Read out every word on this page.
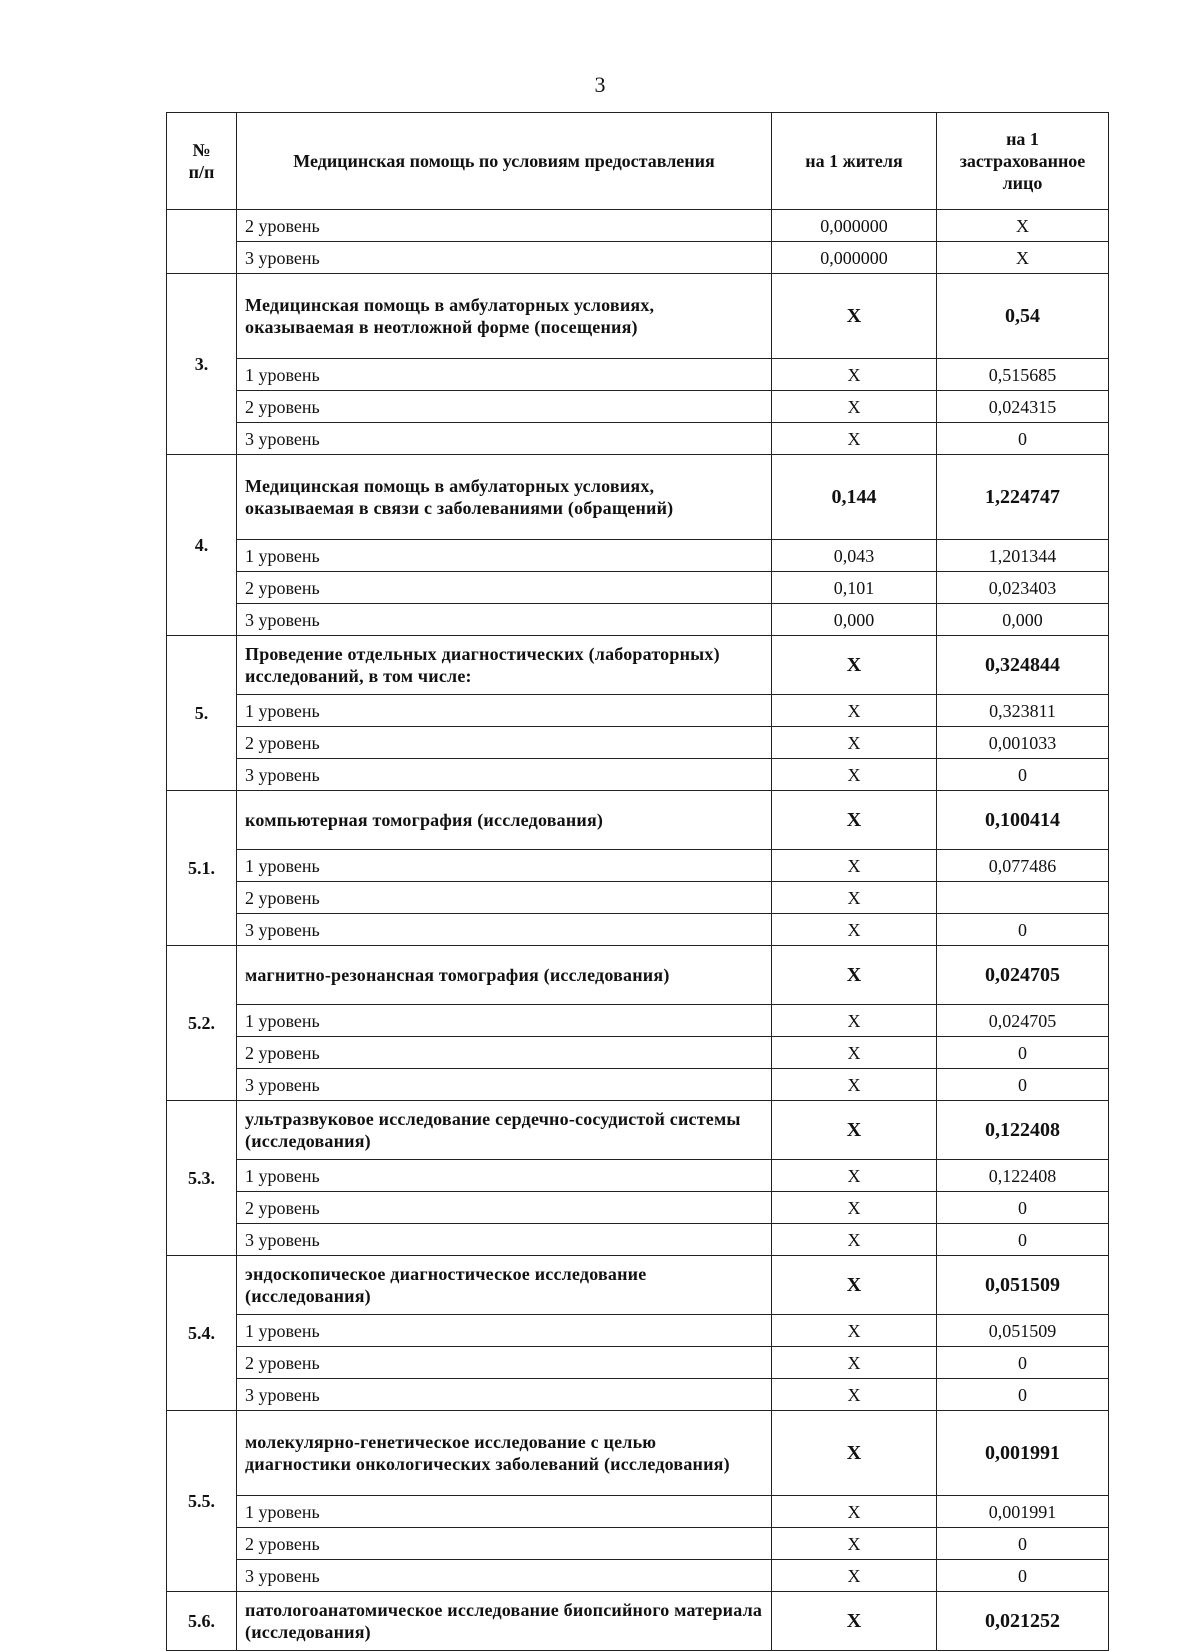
3
№
п/п	Медицинская помощь по условиям предоставления	на 1 жителя	на 1 застрахованное лицо
	2 уровень	0,000000	Х
	3 уровень	0,000000	Х
3.	Медицинская помощь в амбулаторных условиях, оказываемая в неотложной форме (посещения)	Х	0,54
	1 уровень	Х	0,515685
	2 уровень	Х	0,024315
	3 уровень	Х	0
4.	Медицинская помощь в амбулаторных условиях, оказываемая в связи с заболеваниями (обращений)	0,144	1,224747
	1 уровень	0,043	1,201344
	2 уровень	0,101	0,023403
	3 уровень	0,000	0,000
5.	Проведение отдельных диагностических (лабораторных) исследований, в том числе:	Х	0,324844
	1 уровень	Х	0,323811
	2 уровень	Х	0,001033
	3 уровень	Х	0
5.1.	компьютерная томография (исследования)	Х	0,100414
	1 уровень	Х	0,077486
	2 уровень	Х	
	3 уровень	Х	0
5.2.	магнитно-резонансная томография (исследования)	Х	0,024705
	1 уровень	Х	0,024705
	2 уровень	Х	0
	3 уровень	Х	0
5.3.	ультразвуковое исследование сердечно-сосудистой системы (исследования)	Х	0,122408
	1 уровень	Х	0,122408
	2 уровень	Х	0
	3 уровень	Х	0
5.4.	эндоскопическое диагностическое исследование (исследования)	Х	0,051509
	1 уровень	Х	0,051509
	2 уровень	Х	0
	3 уровень	Х	0
5.5.	молекулярно-генетическое исследование с целью диагностики онкологических заболеваний (исследования)	Х	0,001991
	1 уровень	Х	0,001991
	2 уровень	Х	0
	3 уровень	Х	0
5.6.	патологоанатомическое исследование биопсийного материала (исследования)	Х	0,021252
